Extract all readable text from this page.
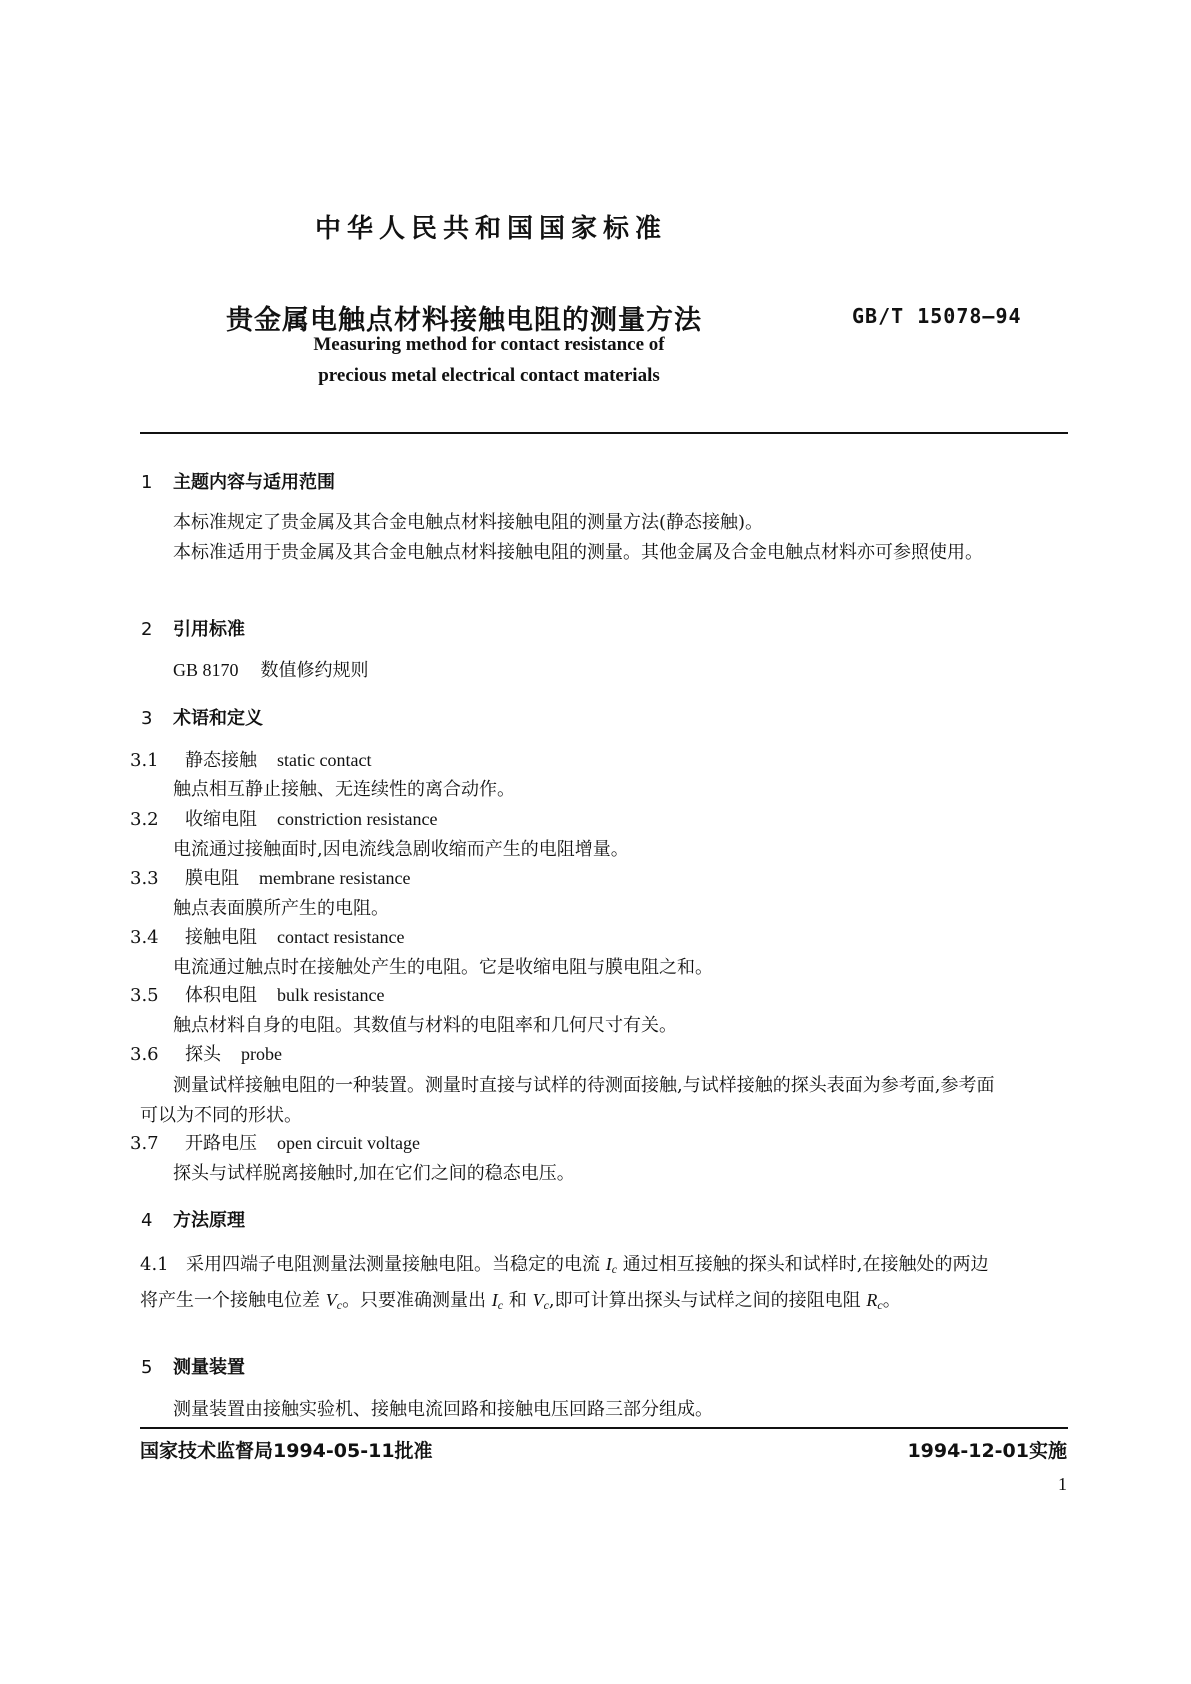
中华人民共和国国家标准
贵金属电触点材料接触电阻的测量方法	GB/T 15078—94
Measuring method for contact resistance of
precious metal electrical contact materials
1 主题内容与适用范围
本标准规定了贵金属及其合金电触点材料接触电阻的测量方法(静态接触)。
本标准适用于贵金属及其合金电触点材料接触电阻的测量。其他金属及合金电触点材料亦可参照使用。
2 引用标准
GB 8170 数值修约规则
3 术语和定义
3.1 静态接触 static contact
触点相互静止接触、无连续性的离合动作。
3.2 收缩电阻 constriction resistance
电流通过接触面时,因电流线急剧收缩而产生的电阻增量。
3.3 膜电阻 membrane resistance
触点表面膜所产生的电阻。
3.4 接触电阻 contact resistance
电流通过触点时在接触处产生的电阻。它是收缩电阻与膜电阻之和。
3.5 体积电阻 bulk resistance
触点材料自身的电阻。其数值与材料的电阻率和几何尺寸有关。
3.6 探头 probe
测量试样接触电阻的一种装置。测量时直接与试样的待测面接触,与试样接触的探头表面为参考面,参考面可以为不同的形状。
3.7 开路电压 open circuit voltage
探头与试样脱离接触时,加在它们之间的稳态电压。
4 方法原理
4.1 采用四端子电阻测量法测量接触电阻。当稳定的电流 $I_c$ 通过相互接触的探头和试样时,在接触处的两边将产生一个接触电位差 $V_c$。只要准确测量出 $I_c$ 和 $V_c$,即可计算出探头与试样之间的接阻电阻 $R_c$。
5 测量装置
测量装置由接触实验机、接触电流回路和接触电压回路三部分组成。
国家技术监督局1994-05-11批准	1994-12-01实施
1
